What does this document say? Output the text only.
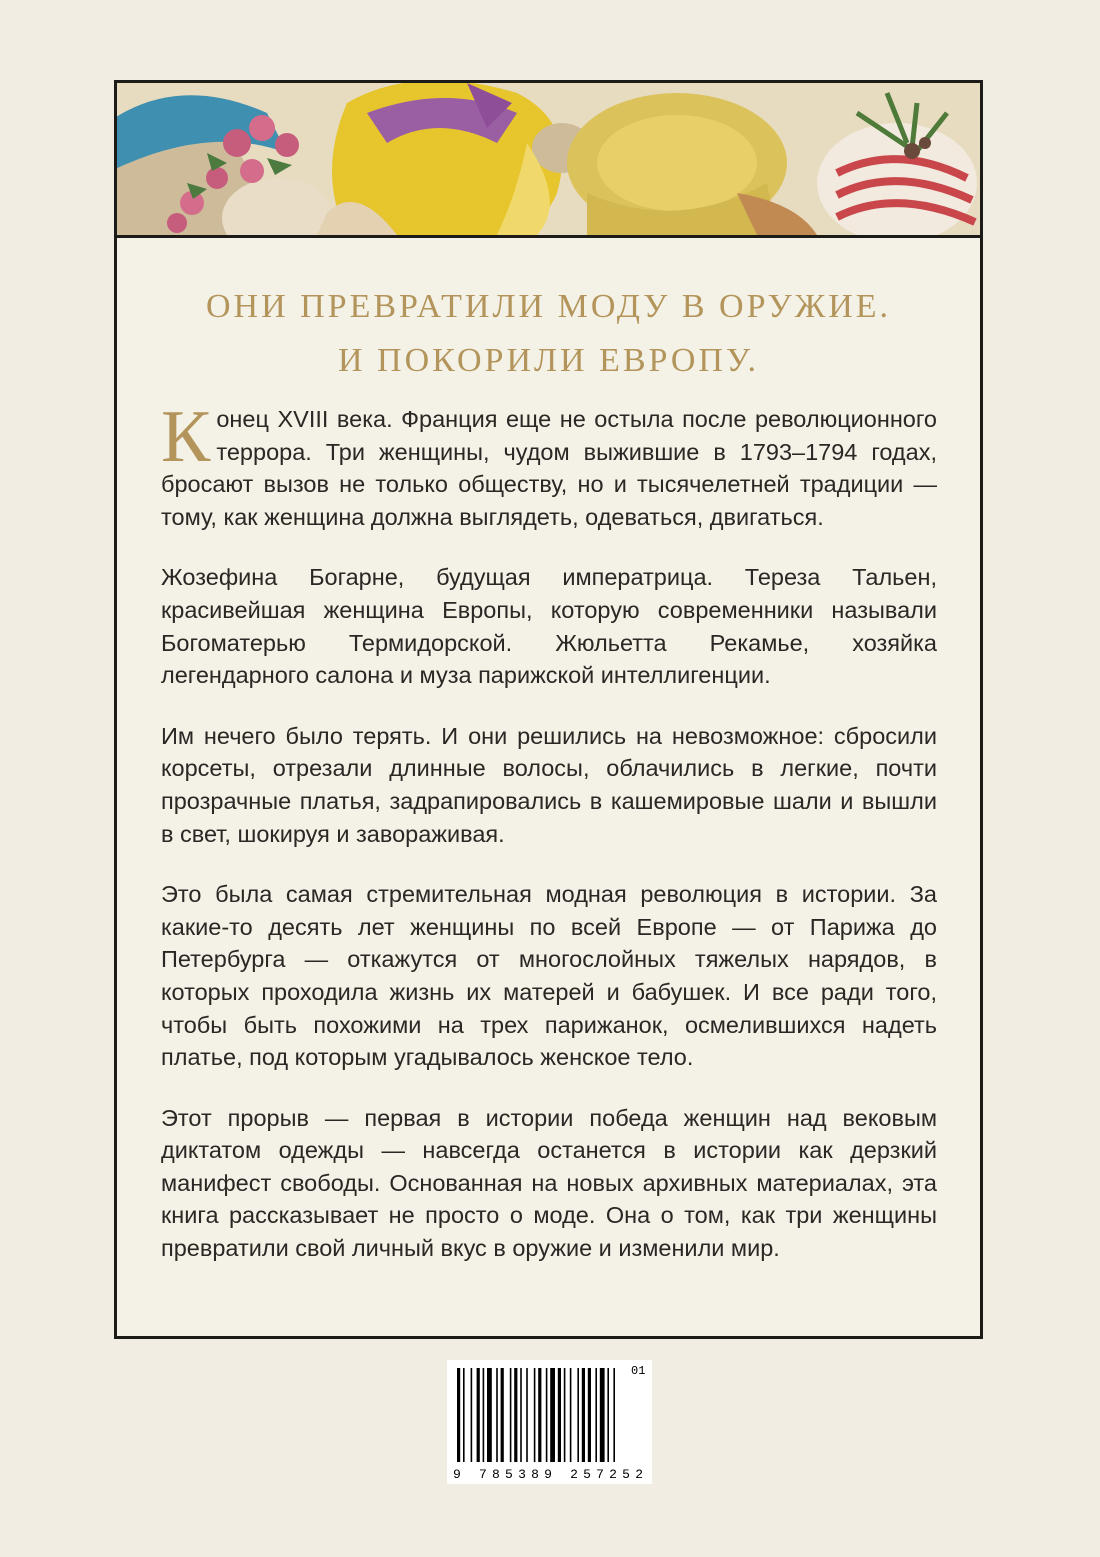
ОНИ ПРЕВРАТИЛИ МОДУ В ОРУЖИЕ.
И ПОКОРИЛИ ЕВРОПУ.

Конец XVIII века. Франция еще не остыла после революционного террора. Три женщины, чудом выжившие в 1793–1794 годах, бросают вызов не только обществу, но и тысячелетней традиции — тому, как женщина должна выглядеть, одеваться, двигаться.

Жозефина Богарне, будущая императрица. Тереза Тальен, красивейшая женщина Европы, которую современники называли Богоматерью Термидорской. Жюльетта Рекамье, хозяйка легендарного салона и муза парижской интеллигенции.

Им нечего было терять. И они решились на невозможное: сбросили корсеты, отрезали длинные волосы, облачились в легкие, почти прозрачные платья, задрапировались в кашемировые шали и вышли в свет, шокируя и завораживая.

Это была самая стремительная модная революция в истории. За какие-то десять лет женщины по всей Европе — от Парижа до Петербурга — откажутся от многослойных тяжелых нарядов, в которых проходила жизнь их матерей и бабушек. И все ради того, чтобы быть похожими на трех парижанок, осмелившихся надеть платье, под которым угадывалось женское тело.

Этот прорыв — первая в истории победа женщин над вековым диктатом одежды — навсегда останется в истории как дерзкий манифест свободы. Основанная на новых архивных материалах, эта книга рассказывает не просто о моде. Она о том, как три женщины превратили свой личный вкус в оружие и изменили мир.

01
9 785389 257252
